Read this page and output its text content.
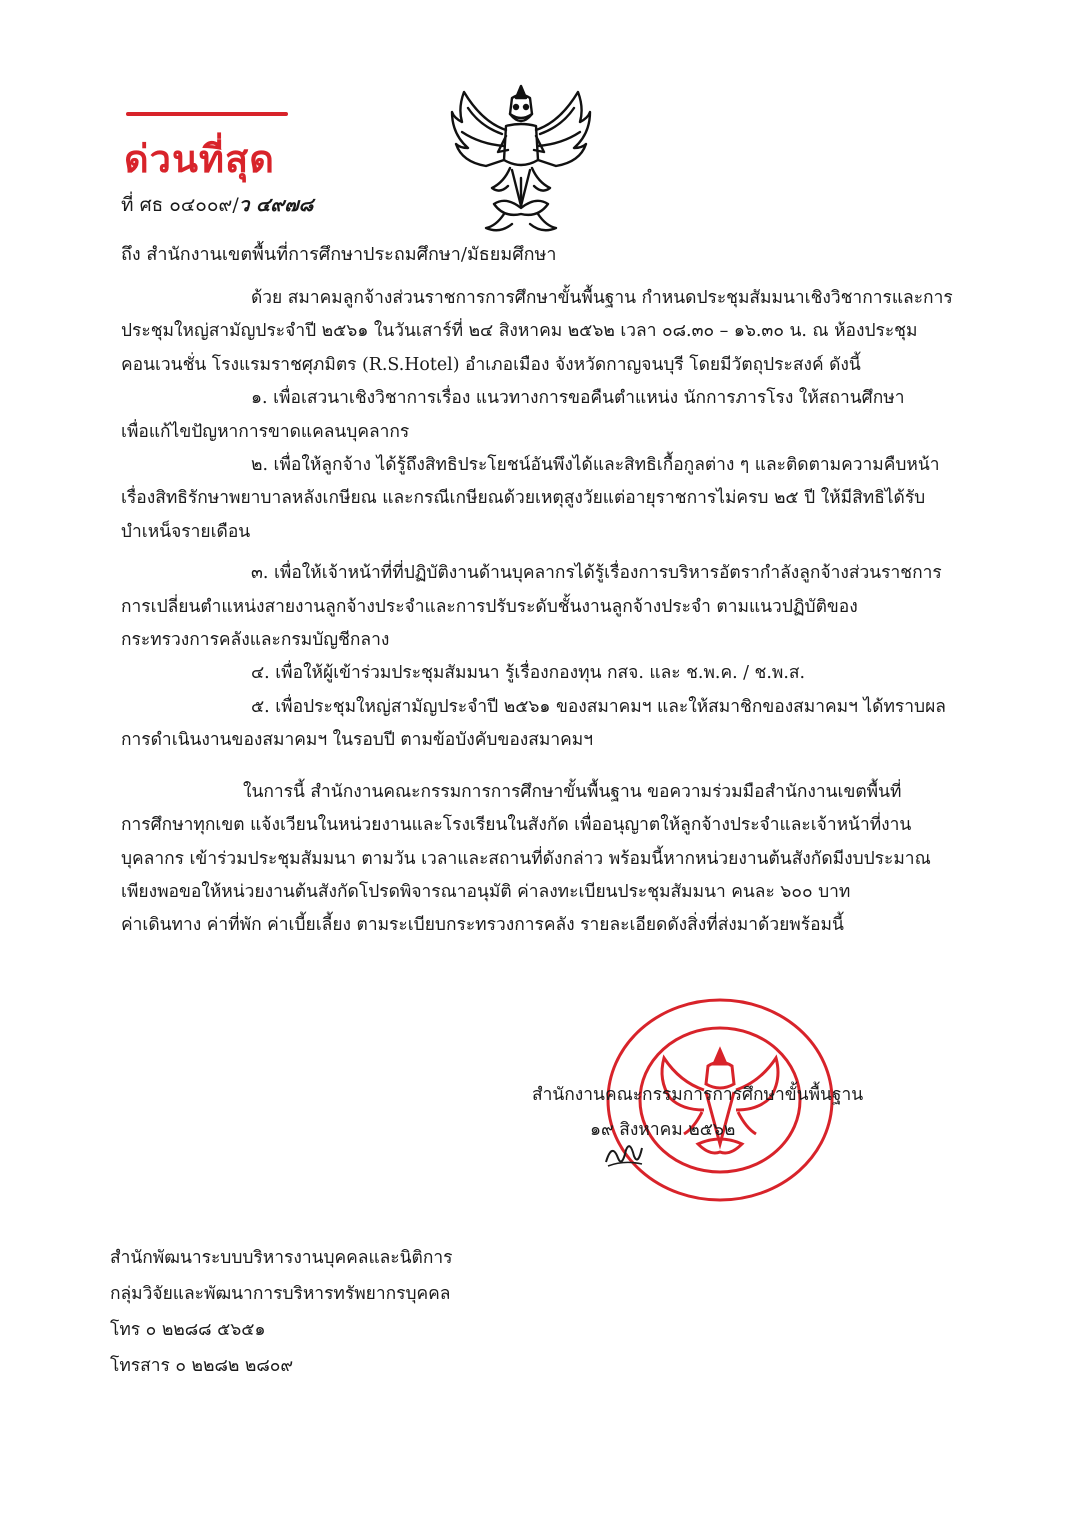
ด่วนที่สุด
ที่ ศธ ๐๔๐๐๙/ว ๔๙๗๘
ถึง สำนักงานเขตพื้นที่การศึกษาประถมศึกษา/มัธยมศึกษา
ด้วย สมาคมลูกจ้างส่วนราชการการศึกษาขั้นพื้นฐาน กำหนดประชุมสัมมนาเชิงวิชาการและการ
ประชุมใหญ่สามัญประจำปี ๒๕๖๑ ในวันเสาร์ที่ ๒๔ สิงหาคม ๒๕๖๒ เวลา ๐๘.๓๐ – ๑๖.๓๐ น. ณ ห้องประชุม
คอนเวนชั่น โรงแรมราชศุภมิตร (R.S.Hotel) อำเภอเมือง จังหวัดกาญจนบุรี โดยมีวัตถุประสงค์ ดังนี้
๑. เพื่อเสวนาเชิงวิชาการเรื่อง แนวทางการขอคืนตำแหน่ง นักการภารโรง ให้สถานศึกษา
เพื่อแก้ไขปัญหาการขาดแคลนบุคลากร
๒. เพื่อให้ลูกจ้าง ได้รู้ถึงสิทธิประโยชน์อันพึงได้และสิทธิเกื้อกูลต่าง ๆ และติดตามความคืบหน้า
เรื่องสิทธิรักษาพยาบาลหลังเกษียณ และกรณีเกษียณด้วยเหตุสูงวัยแต่อายุราชการไม่ครบ ๒๕ ปี ให้มีสิทธิได้รับ
บำเหน็จรายเดือน
๓. เพื่อให้เจ้าหน้าที่ที่ปฏิบัติงานด้านบุคลากรได้รู้เรื่องการบริหารอัตรากำลังลูกจ้างส่วนราชการ
การเปลี่ยนตำแหน่งสายงานลูกจ้างประจำและการปรับระดับชั้นงานลูกจ้างประจำ ตามแนวปฏิบัติของ
กระทรวงการคลังและกรมบัญชีกลาง
๔. เพื่อให้ผู้เข้าร่วมประชุมสัมมนา รู้เรื่องกองทุน กสจ. และ ช.พ.ค. / ช.พ.ส.
๕. เพื่อประชุมใหญ่สามัญประจำปี ๒๕๖๑ ของสมาคมฯ และให้สมาชิกของสมาคมฯ ได้ทราบผล
การดำเนินงานของสมาคมฯ ในรอบปี ตามข้อบังคับของสมาคมฯ
ในการนี้ สำนักงานคณะกรรมการการศึกษาขั้นพื้นฐาน ขอความร่วมมือสำนักงานเขตพื้นที่
การศึกษาทุกเขต แจ้งเวียนในหน่วยงานและโรงเรียนในสังกัด เพื่ออนุญาตให้ลูกจ้างประจำและเจ้าหน้าที่งาน
บุคลากร เข้าร่วมประชุมสัมมนา ตามวัน เวลาและสถานที่ดังกล่าว พร้อมนี้หากหน่วยงานต้นสังกัดมีงบประมาณ
เพียงพอขอให้หน่วยงานต้นสังกัดโปรดพิจารณาอนุมัติ ค่าลงทะเบียนประชุมสัมมนา คนละ ๖๐๐ บาท
ค่าเดินทาง ค่าที่พัก ค่าเบี้ยเลี้ยง ตามระเบียบกระทรวงการคลัง รายละเอียดดังสิ่งที่ส่งมาด้วยพร้อมนี้
สำนักงานคณะกรรมการการศึกษาขั้นพื้นฐาน
๑๙ สิงหาคม ๒๕๖๒
สำนักพัฒนาระบบบริหารงานบุคคลและนิติการ
กลุ่มวิจัยและพัฒนาการบริหารทรัพยากรบุคคล
โทร ๐ ๒๒๘๘ ๕๖๕๑
โทรสาร ๐ ๒๒๘๒ ๒๘๐๙
